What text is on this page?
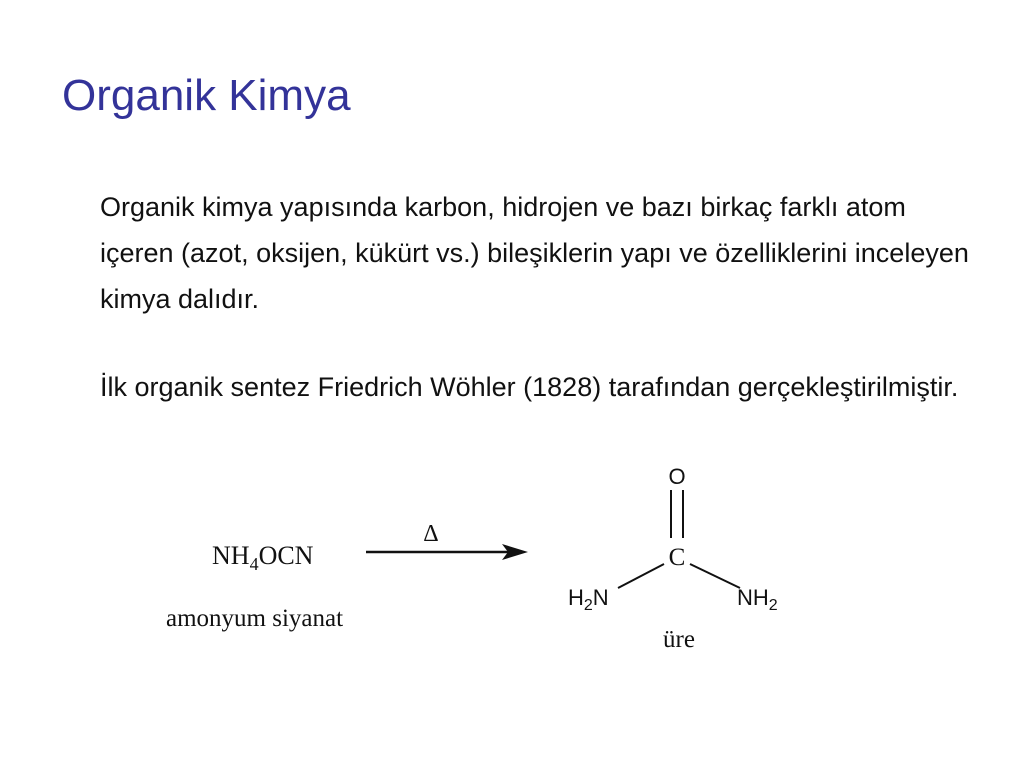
Organik Kimya

Organik kimya yapısında karbon, hidrojen ve bazı birkaç farklı atom içeren (azot, oksijen, kükürt vs.) bileşiklerin yapı ve özelliklerini inceleyen kimya dalıdır.

İlk organik sentez Friedrich Wöhler (1828) tarafından gerçekleştirilmiştir.

$NH_4OCN$
amonyum siyanat
Δ
O
C
$H_2N$	$NH_2$
üre
